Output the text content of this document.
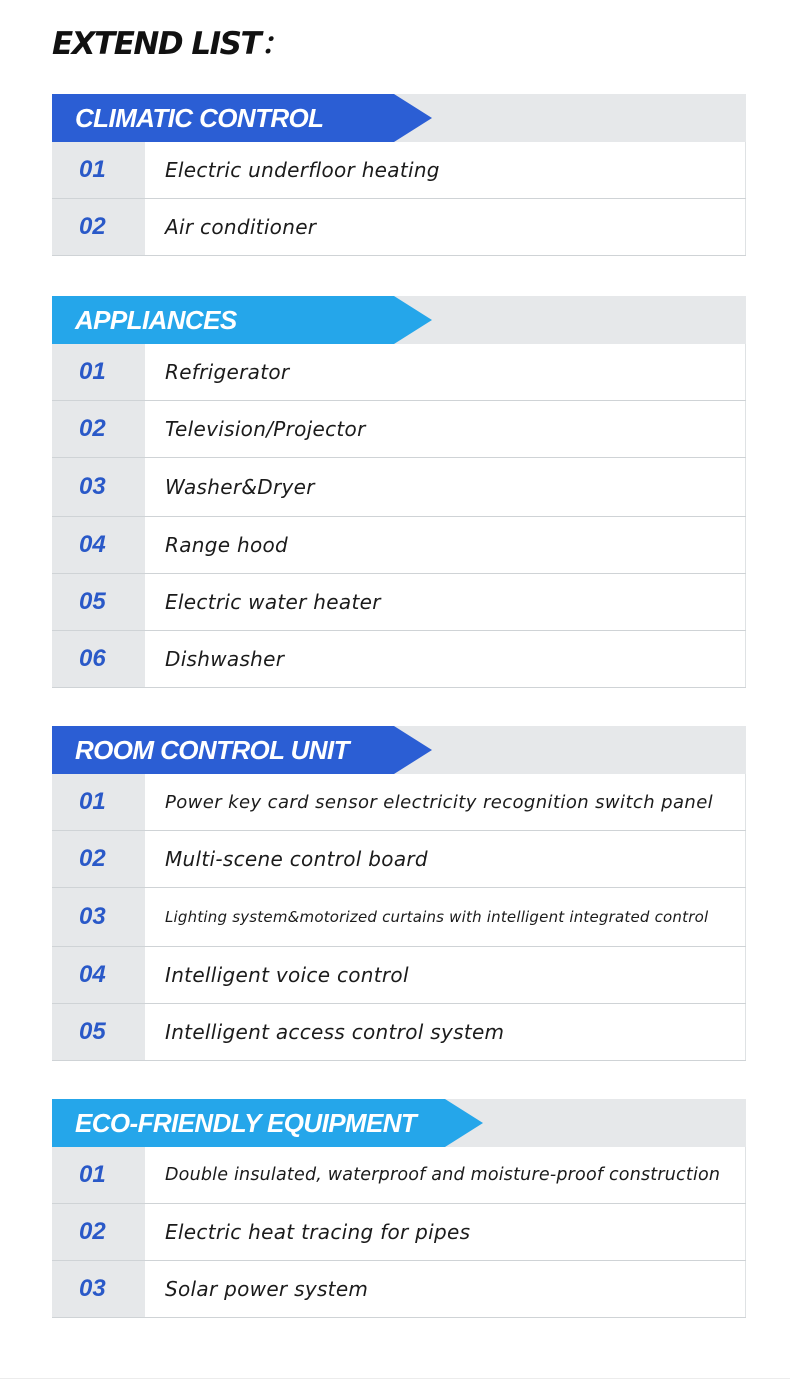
EXTEND LIST：
CLIMATIC CONTROL
01	Electric underfloor heating
02	Air conditioner
APPLIANCES
01	Refrigerator
02	Television/Projector
03	Washer&Dryer
04	Range hood
05	Electric water heater
06	Dishwasher
ROOM CONTROL UNIT
01	Power key card sensor electricity recognition switch panel
02	Multi-scene control board
03	Lighting system&motorized curtains with intelligent integrated control
04	Intelligent voice control
05	Intelligent access control system
ECO-FRIENDLY EQUIPMENT
01	Double insulated, waterproof and moisture-proof construction
02	Electric heat tracing for pipes
03	Solar power system
